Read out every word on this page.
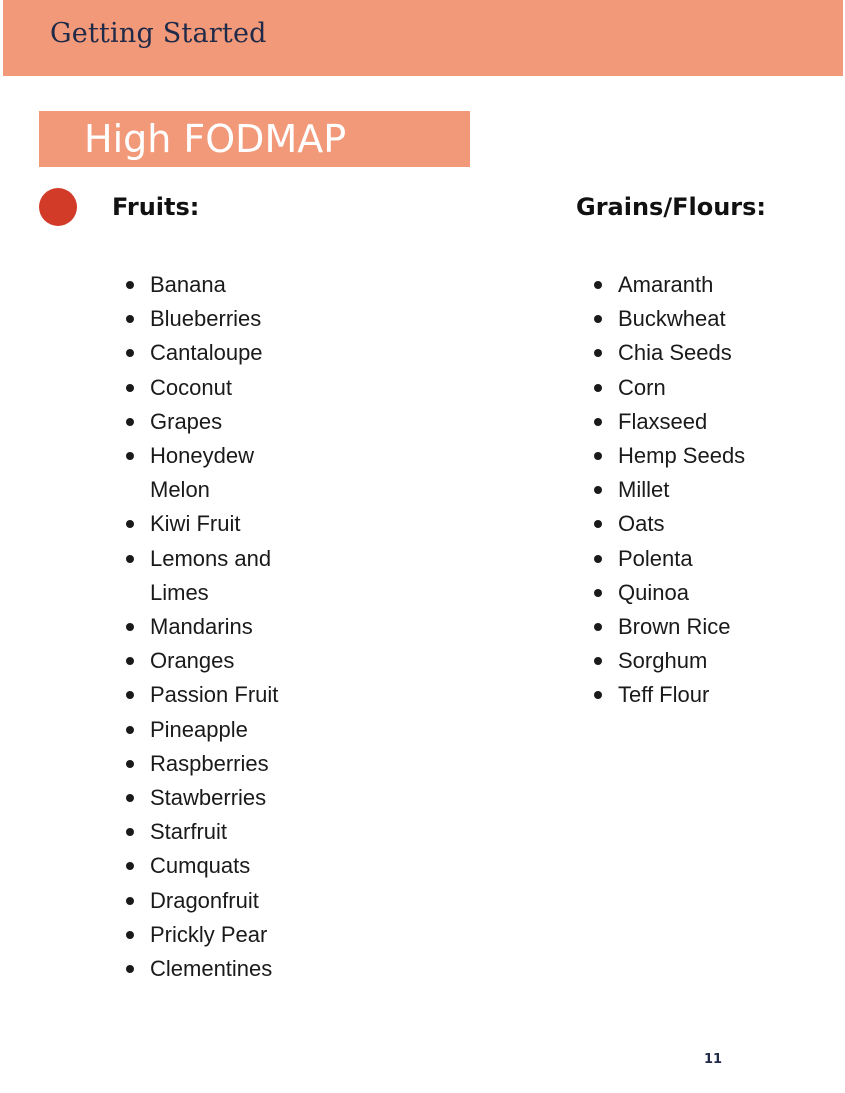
Getting Started
High FODMAP
Fruits:	Grains/Flours:
Banana
Blueberries
Cantaloupe
Coconut
Grapes
Honeydew Melon
Kiwi Fruit
Lemons and Limes
Mandarins
Oranges
Passion Fruit
Pineapple
Raspberries
Stawberries
Starfruit
Cumquats
Dragonfruit
Prickly Pear
Clementines
Amaranth
Buckwheat
Chia Seeds
Corn
Flaxseed
Hemp Seeds
Millet
Oats
Polenta
Quinoa
Brown Rice
Sorghum
Teff Flour
11
